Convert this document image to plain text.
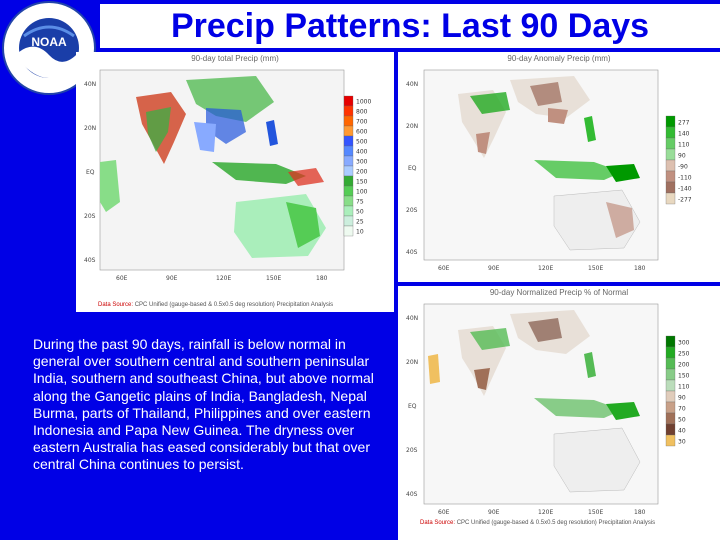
NOAA	Precip Patterns: Last 90 Days
90-day total Precip (mm)
40N
20N
EQ
20S
40S
60E	90E	120E	150E	180
1000
800
700
600
500
400
300
200
150
100
75
50
25
10
Data Source: CPC Unified (gauge-based & 0.5x0.5 deg resolution) Precipitation Analysis
90-day Anomaly Precip (mm)
40N
20N
EQ
20S
40S
60E	90E	120E	150E	180
277
140
110
90
-90
-110
-140
-277
90-day Normalized Precip % of Normal
40N
20N
EQ
20S
40S
60E	90E	120E	150E	180
300
250
200
150
110
90
70
50
40
30
Data Source: CPC Unified (gauge-based & 0.5x0.5 deg resolution) Precipitation Analysis

During the past 90 days, rainfall is below normal in general over southern central and southern peninsular India, southern and southeast China, but above normal along the Gangetic plains of India, Bangladesh, Nepal Burma, parts of Thailand, Philippines and over eastern Indonesia and Papa New Guinea. The dryness over eastern Australia has eased considerably but that over central China continues to persist.
